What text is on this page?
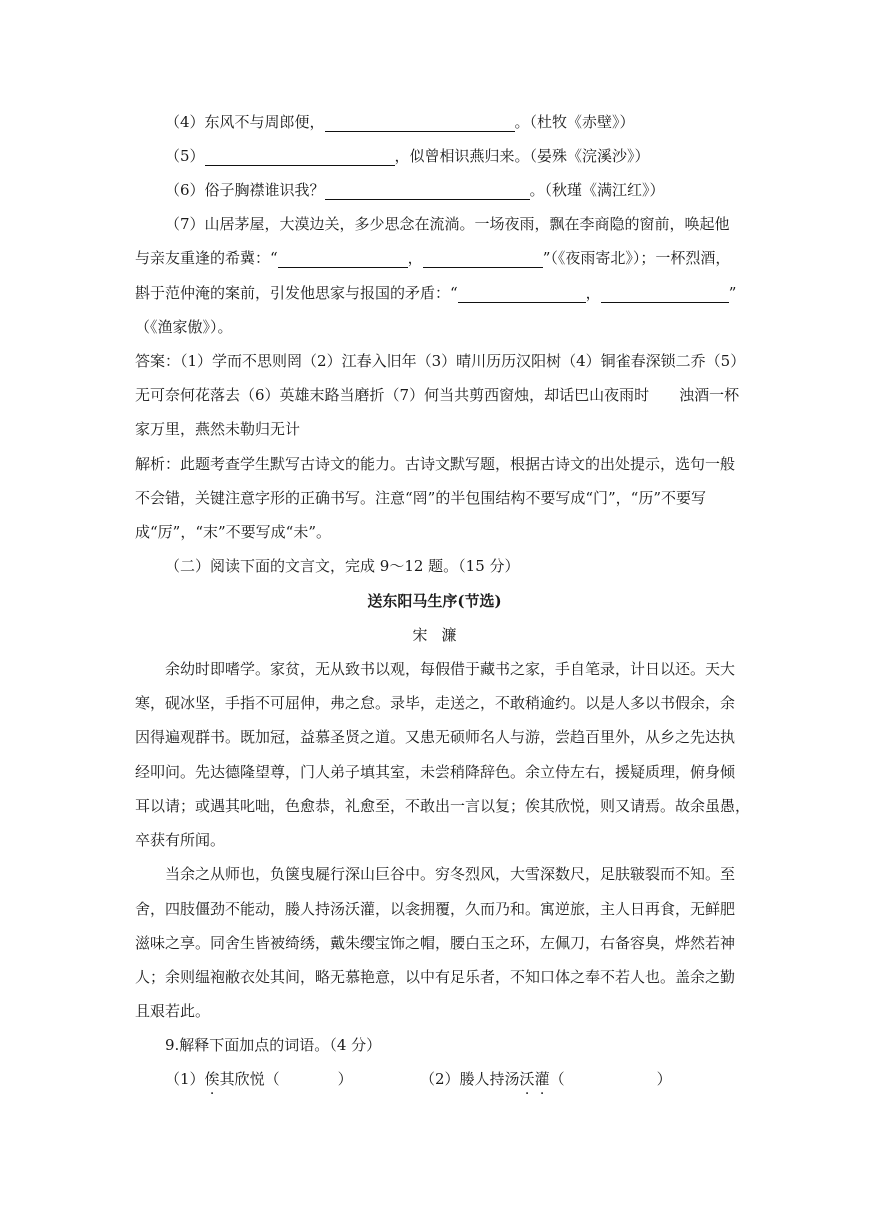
（4）东风不与周郎便，	。（杜牧《赤壁》）
（5）	，似曾相识燕归来。（晏殊《浣溪沙》）
（6）俗子胸襟谁识我？	。（秋瑾《满江红》）
（7）山居茅屋，大漠边关，多少思念在流淌。一场夜雨，飘在李商隐的窗前，唤起他
与亲友重逢的希冀：“	，	”（《夜雨寄北》）；一杯烈酒，
斟于范仲淹的案前，引发他思家与报国的矛盾：“	，	”
（《渔家傲》）。
答案：（1）学而不思则罔（2）江春入旧年（3）晴川历历汉阳树（4）铜雀春深锁二乔（5）
无可奈何花落去（6）英雄末路当磨折（7）何当共剪西窗烛，却话巴山夜雨时　　浊酒一杯
家万里，燕然未勒归无计
解析：此题考查学生默写古诗文的能力。古诗文默写题，根据古诗文的出处提示，选句一般
不会错，关键注意字形的正确书写。注意“罔”的半包围结构不要写成“门”，“历”不要写
成“厉”，“末”不要写成“未”。
（二）阅读下面的文言文，完成 9～12 题。（15 分）
送东阳马生序(节选)
宋濂
余幼时即嗜学。家贫，无从致书以观，每假借于藏书之家，手自笔录，计日以还。天大
寒，砚冰坚，手指不可屈伸，弗之怠。录毕，走送之，不敢稍逾约。以是人多以书假余，余
因得遍观群书。既加冠，益慕圣贤之道。又患无硕师名人与游，尝趋百里外，从乡之先达执
经叩问。先达德隆望尊，门人弟子填其室，未尝稍降辞色。余立侍左右，援疑质理，俯身倾
耳以请；或遇其叱咄，色愈恭，礼愈至，不敢出一言以复；俟其欣悦，则又请焉。故余虽愚，
卒获有所闻。
当余之从师也，负箧曳屣行深山巨谷中。穷冬烈风，大雪深数尺，足肤皲裂而不知。至
舍，四肢僵劲不能动，媵人持汤沃灌，以衾拥覆，久而乃和。寓逆旅，主人日再食，无鲜肥
滋味之享。同舍生皆被绮绣，戴朱缨宝饰之帽，腰白玉之环，左佩刀，右备容臭，烨然若神
人；余则缊袍敝衣处其间，略无慕艳意，以中有足乐者，不知口体之奉不若人也。盖余之勤
且艰若此。
9.解释下面加点的词语。（4 分）
（1）俟其欣悦（	）	（2）媵人持汤沃灌（	）
